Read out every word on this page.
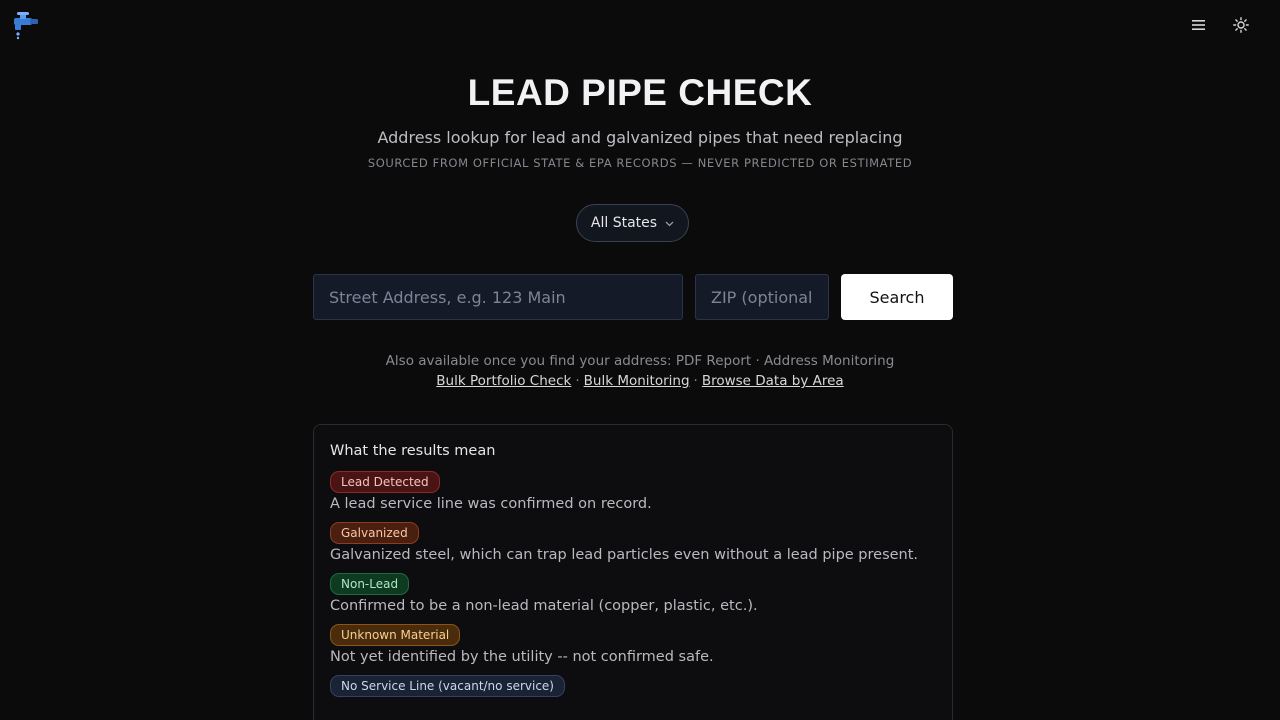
LEAD PIPE CHECK
Address lookup for lead and galvanized pipes that need replacing
SOURCED FROM OFFICIAL STATE & EPA RECORDS — NEVER PREDICTED OR ESTIMATED
All States
Street Address, e.g. 123 Main
ZIP (optional)
Search
Also available once you find your address: PDF Report · Address Monitoring
Bulk Portfolio Check · Bulk Monitoring · Browse Data by Area
What the results mean
Lead Detected
A lead service line was confirmed on record.
Galvanized
Galvanized steel, which can trap lead particles even without a lead pipe present.
Non-Lead
Confirmed to be a non-lead material (copper, plastic, etc.).
Unknown Material
Not yet identified by the utility -- not confirmed safe.
No Service Line (vacant/no service)
